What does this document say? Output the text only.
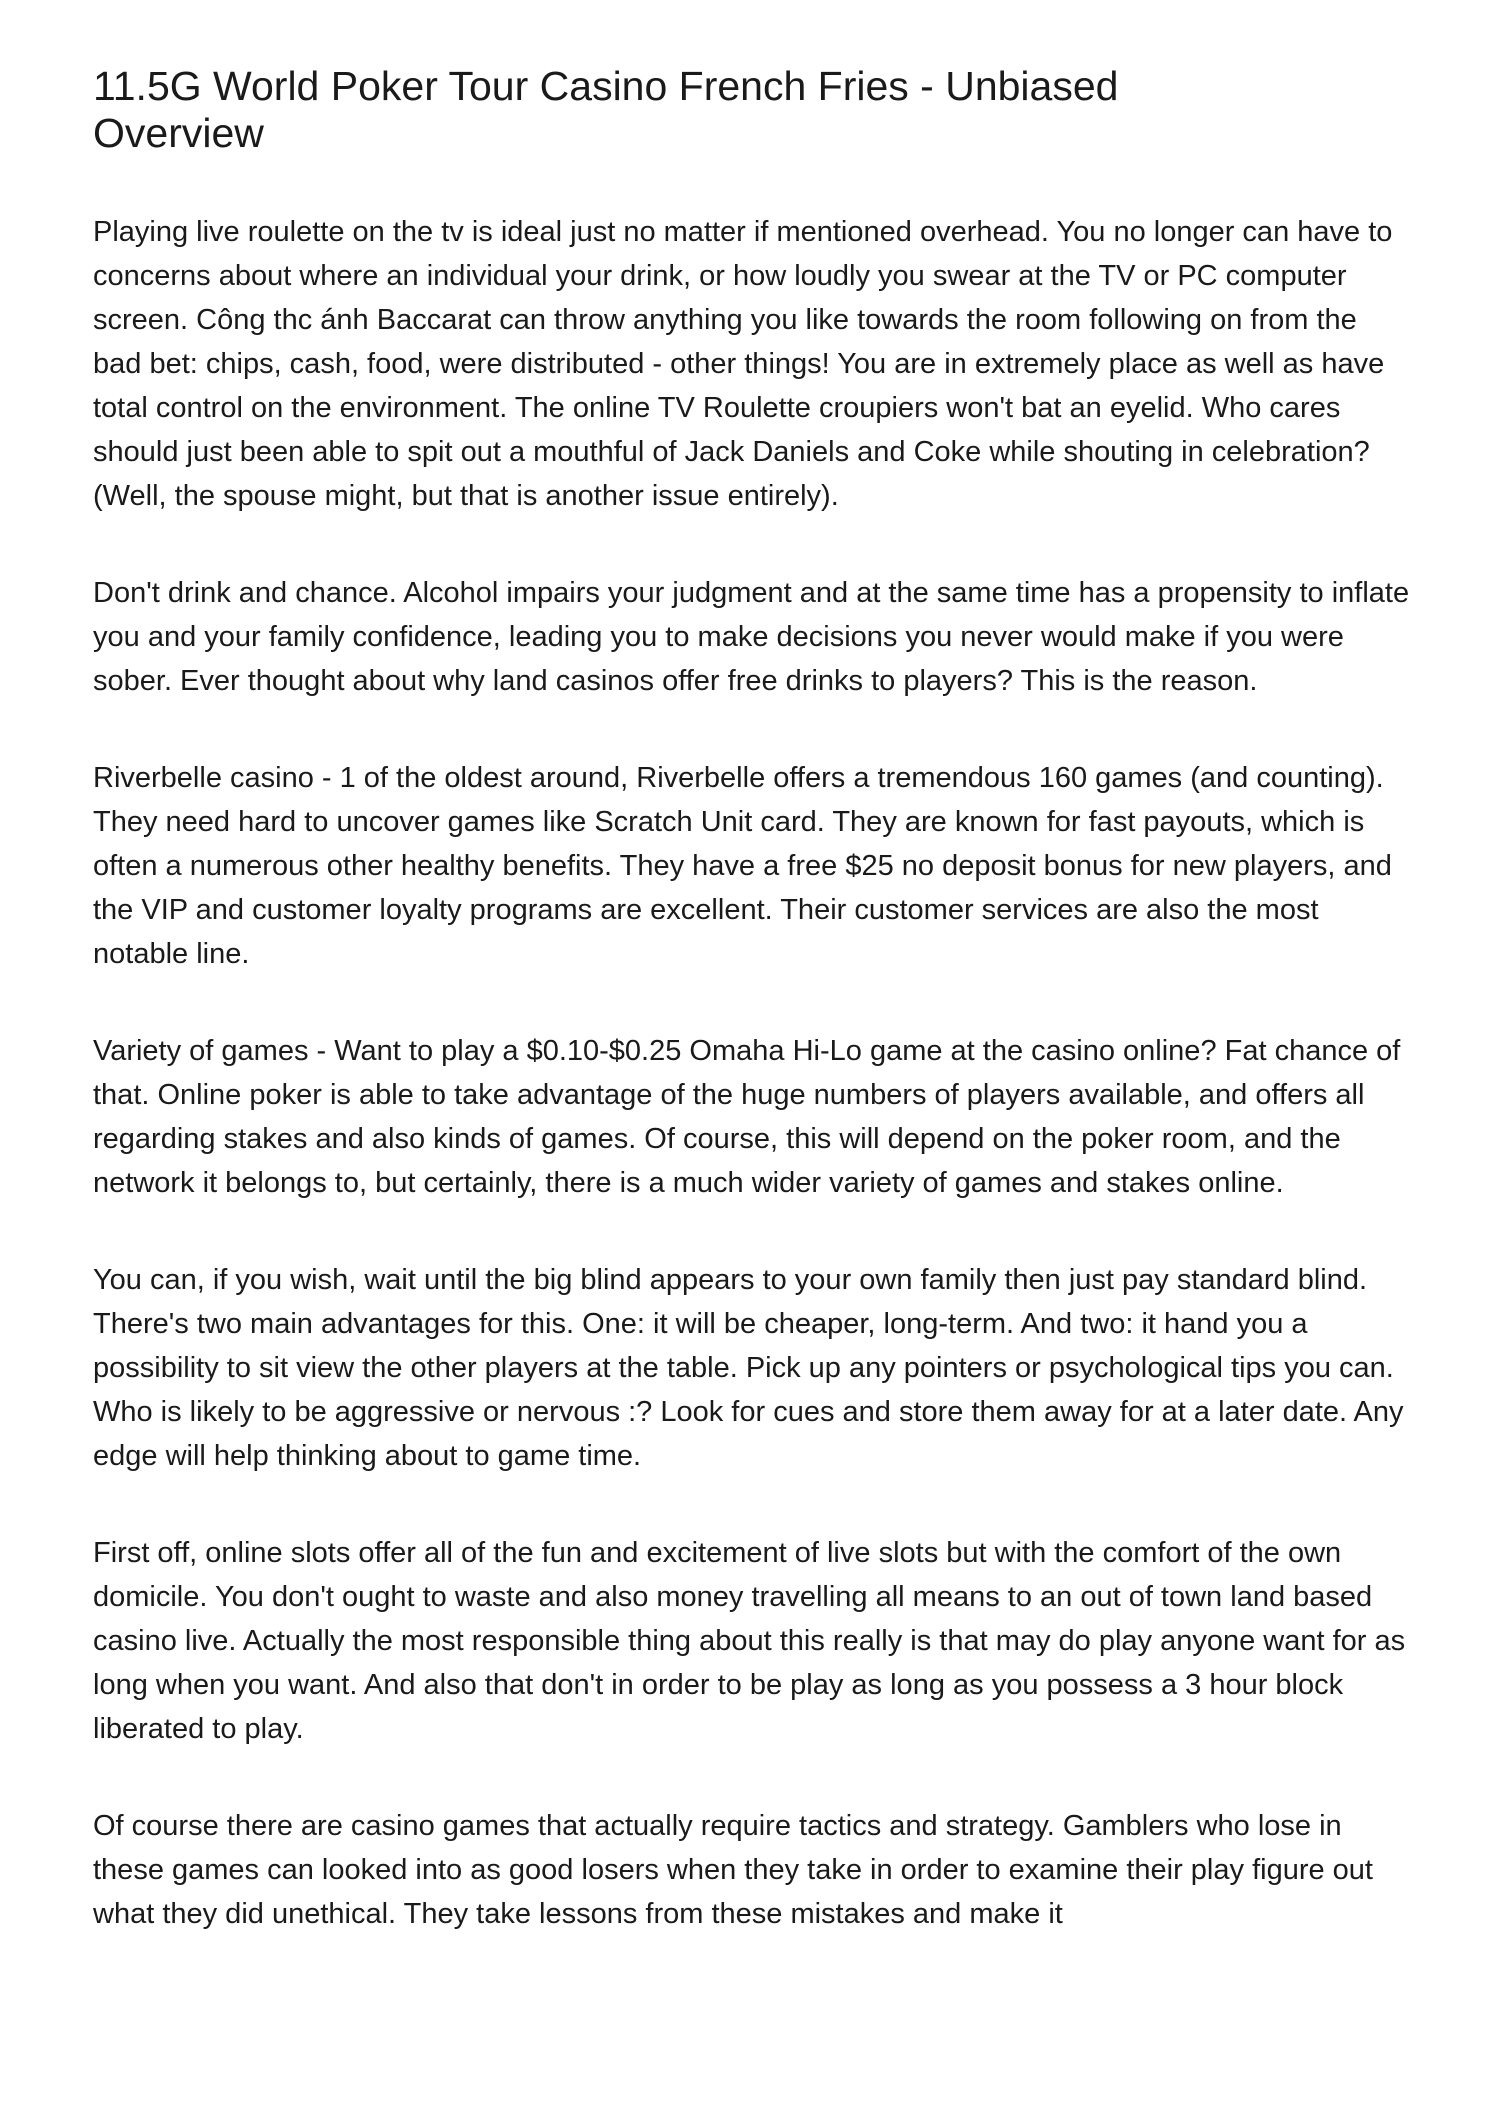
11.5G World Poker Tour Casino French Fries - Unbiased Overview

Playing live roulette on the tv is ideal just no matter if mentioned overhead. You no longer can have to concerns about where an individual your drink, or how loudly you swear at the TV or PC computer screen. Công thc ánh Baccarat can throw anything you like towards the room following on from the bad bet: chips, cash, food, were distributed - other things! You are in extremely place as well as have total control on the environment. The online TV Roulette croupiers won't bat an eyelid. Who cares should just been able to spit out a mouthful of Jack Daniels and Coke while shouting in celebration? (Well, the spouse might, but that is another issue entirely).

Don't drink and chance. Alcohol impairs your judgment and at the same time has a propensity to inflate you and your family confidence, leading you to make decisions you never would make if you were sober. Ever thought about why land casinos offer free drinks to players? This is the reason.

Riverbelle casino - 1 of the oldest around, Riverbelle offers a tremendous 160 games (and counting). They need hard to uncover games like Scratch Unit card. They are known for fast payouts, which is often a numerous other healthy benefits. They have a free $25 no deposit bonus for new players, and the VIP and customer loyalty programs are excellent. Their customer services are also the most notable line.

Variety of games - Want to play a $0.10-$0.25 Omaha Hi-Lo game at the casino online? Fat chance of that. Online poker is able to take advantage of the huge numbers of players available, and offers all regarding stakes and also kinds of games. Of course, this will depend on the poker room, and the network it belongs to, but certainly, there is a much wider variety of games and stakes online.

You can, if you wish, wait until the big blind appears to your own family then just pay standard blind. There's two main advantages for this. One: it will be cheaper, long-term. And two: it hand you a possibility to sit view the other players at the table. Pick up any pointers or psychological tips you can. Who is likely to be aggressive or nervous :? Look for cues and store them away for at a later date. Any edge will help thinking about to game time.

First off, online slots offer all of the fun and excitement of live slots but with the comfort of the own domicile. You don't ought to waste and also money travelling all means to an out of town land based casino live. Actually the most responsible thing about this really is that may do play anyone want for as long when you want. And also that don't in order to be play as long as you possess a 3 hour block liberated to play.

Of course there are casino games that actually require tactics and strategy. Gamblers who lose in these games can looked into as good losers when they take in order to examine their play figure out what they did unethical. They take lessons from these mistakes and make it
